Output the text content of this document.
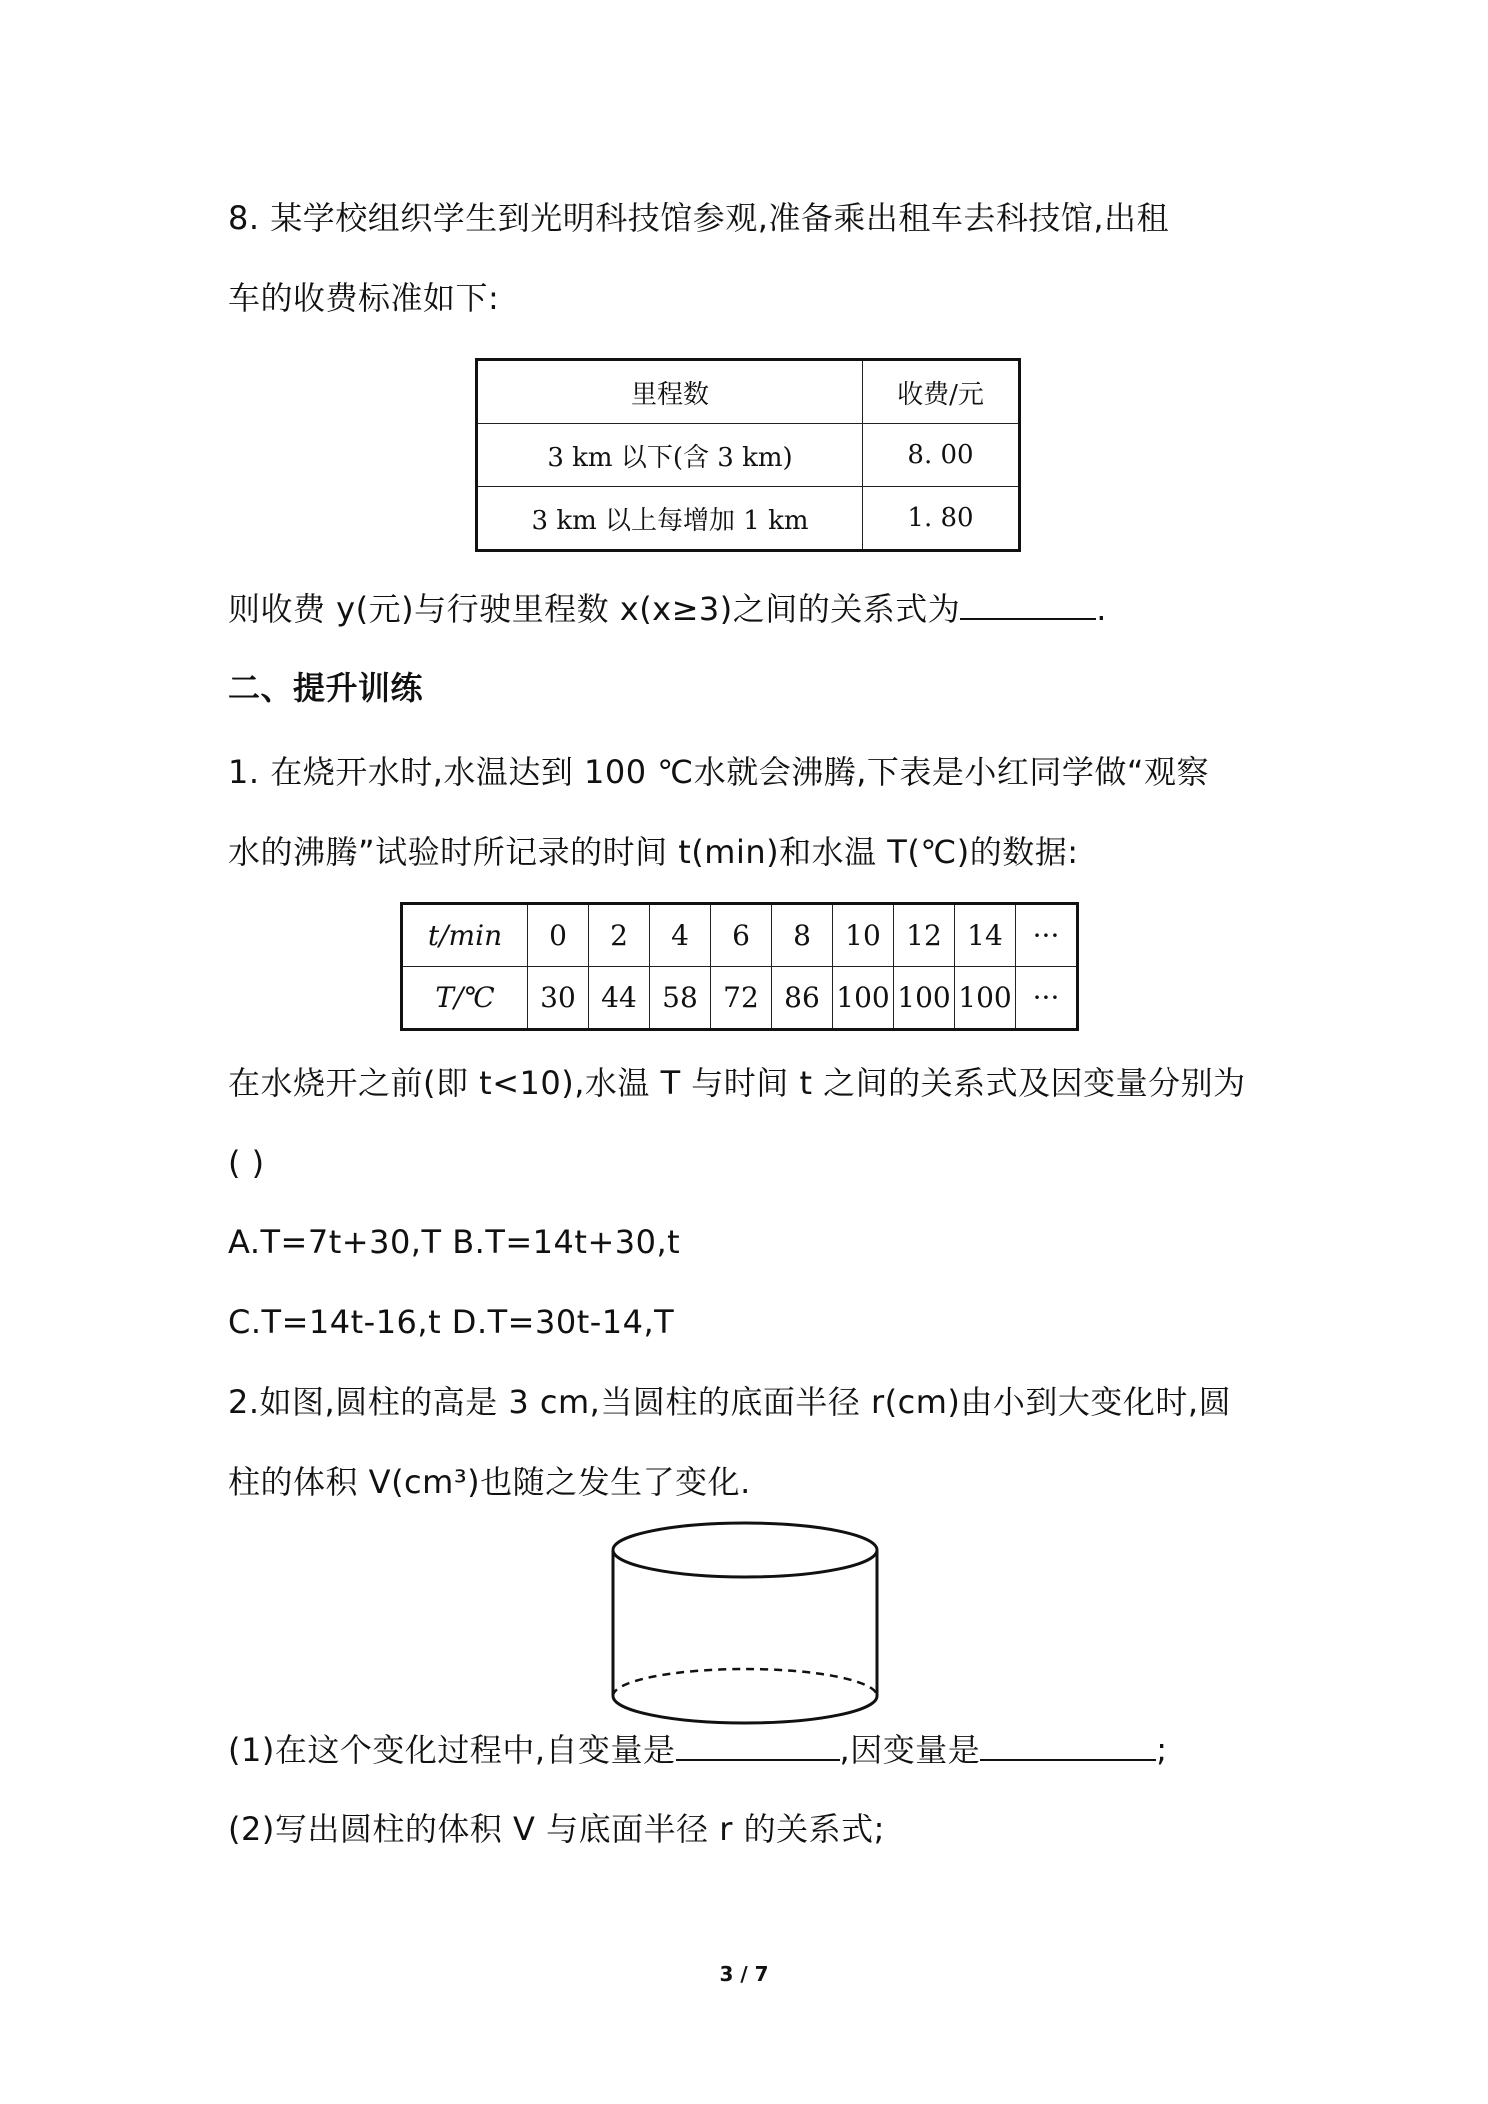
8. 某学校组织学生到光明科技馆参观,准备乘出租车去科技馆,出租
车的收费标准如下:
里程数	收费/元
3 km 以下(含 3 km)	8. 00
3 km 以上每增加 1 km	1. 80
则收费 y(元)与行驶里程数 x(x≥3)之间的关系式为	.
二、提升训练
1. 在烧开水时,水温达到 100 ℃水就会沸腾,下表是小红同学做“观察
水的沸腾”试验时所记录的时间 t(min)和水温 T(℃)的数据:
t/min	0	2	4	6	8	10	12	14	···
T/℃	30	44	58	72	86	100	100	100	···
在水烧开之前(即 t<10),水温 T 与时间 t 之间的关系式及因变量分别为
( )
A.T=7t+30,T B.T=14t+30,t
C.T=14t-16,t D.T=30t-14,T
2.如图,圆柱的高是 3 cm,当圆柱的底面半径 r(cm)由小到大变化时,圆
柱的体积 V(cm³)也随之发生了变化.
(1)在这个变化过程中,自变量是	,因变量是	;
(2)写出圆柱的体积 V 与底面半径 r 的关系式;
3 / 7
